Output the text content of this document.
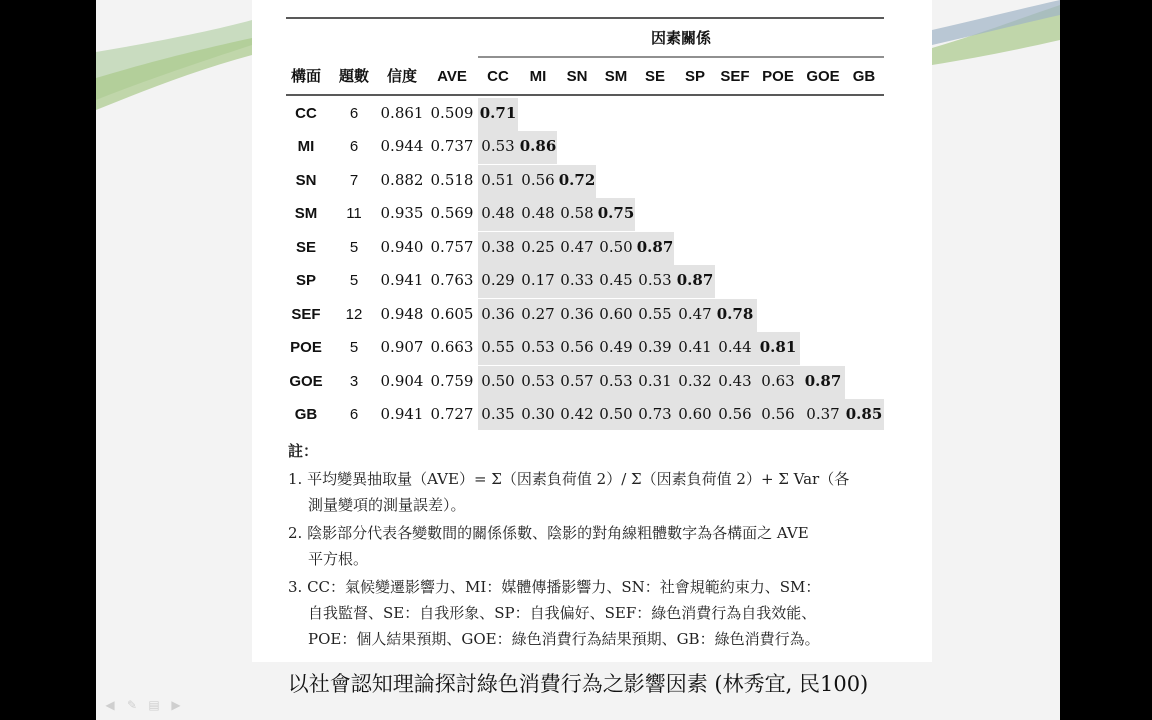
因素關係
構面 題數 信度 AVE CC MI SN SM SE SP SEF POE GOE GB
CC 6 0.861 0.509 0.71
MI 6 0.944 0.737 0.53 0.86
SN 7 0.882 0.518 0.51 0.56 0.72
SM 11 0.935 0.569 0.48 0.48 0.58 0.75
SE 5 0.940 0.757 0.38 0.25 0.47 0.50 0.87
SP 5 0.941 0.763 0.29 0.17 0.33 0.45 0.53 0.87
SEF 12 0.948 0.605 0.36 0.27 0.36 0.60 0.55 0.47 0.78
POE 5 0.907 0.663 0.55 0.53 0.56 0.49 0.39 0.41 0.44 0.81
GOE 3 0.904 0.759 0.50 0.53 0.57 0.53 0.31 0.32 0.43 0.63 0.87
GB 6 0.941 0.727 0.35 0.30 0.42 0.50 0.73 0.60 0.56 0.56 0.37 0.85
註：
1. 平均變異抽取量（AVE）= Σ（因素負荷值 2）/ Σ（因素負荷值 2）+ Σ Var（各
測量變項的測量誤差）。
2. 陰影部分代表各變數間的關係係數、陰影的對角線粗體數字為各構面之 AVE
平方根。
3. CC：氣候變遷影響力、MI：媒體傳播影響力、SN：社會規範約束力、SM：
自我監督、SE：自我形象、SP：自我偏好、SEF：綠色消費行為自我效能、
POE：個人結果預期、GOE：綠色消費行為結果預期、GB：綠色消費行為。
以社會認知理論探討綠色消費行為之影響因素 (林秀宜, 民100)
◀ ✎ ▤ ▶
